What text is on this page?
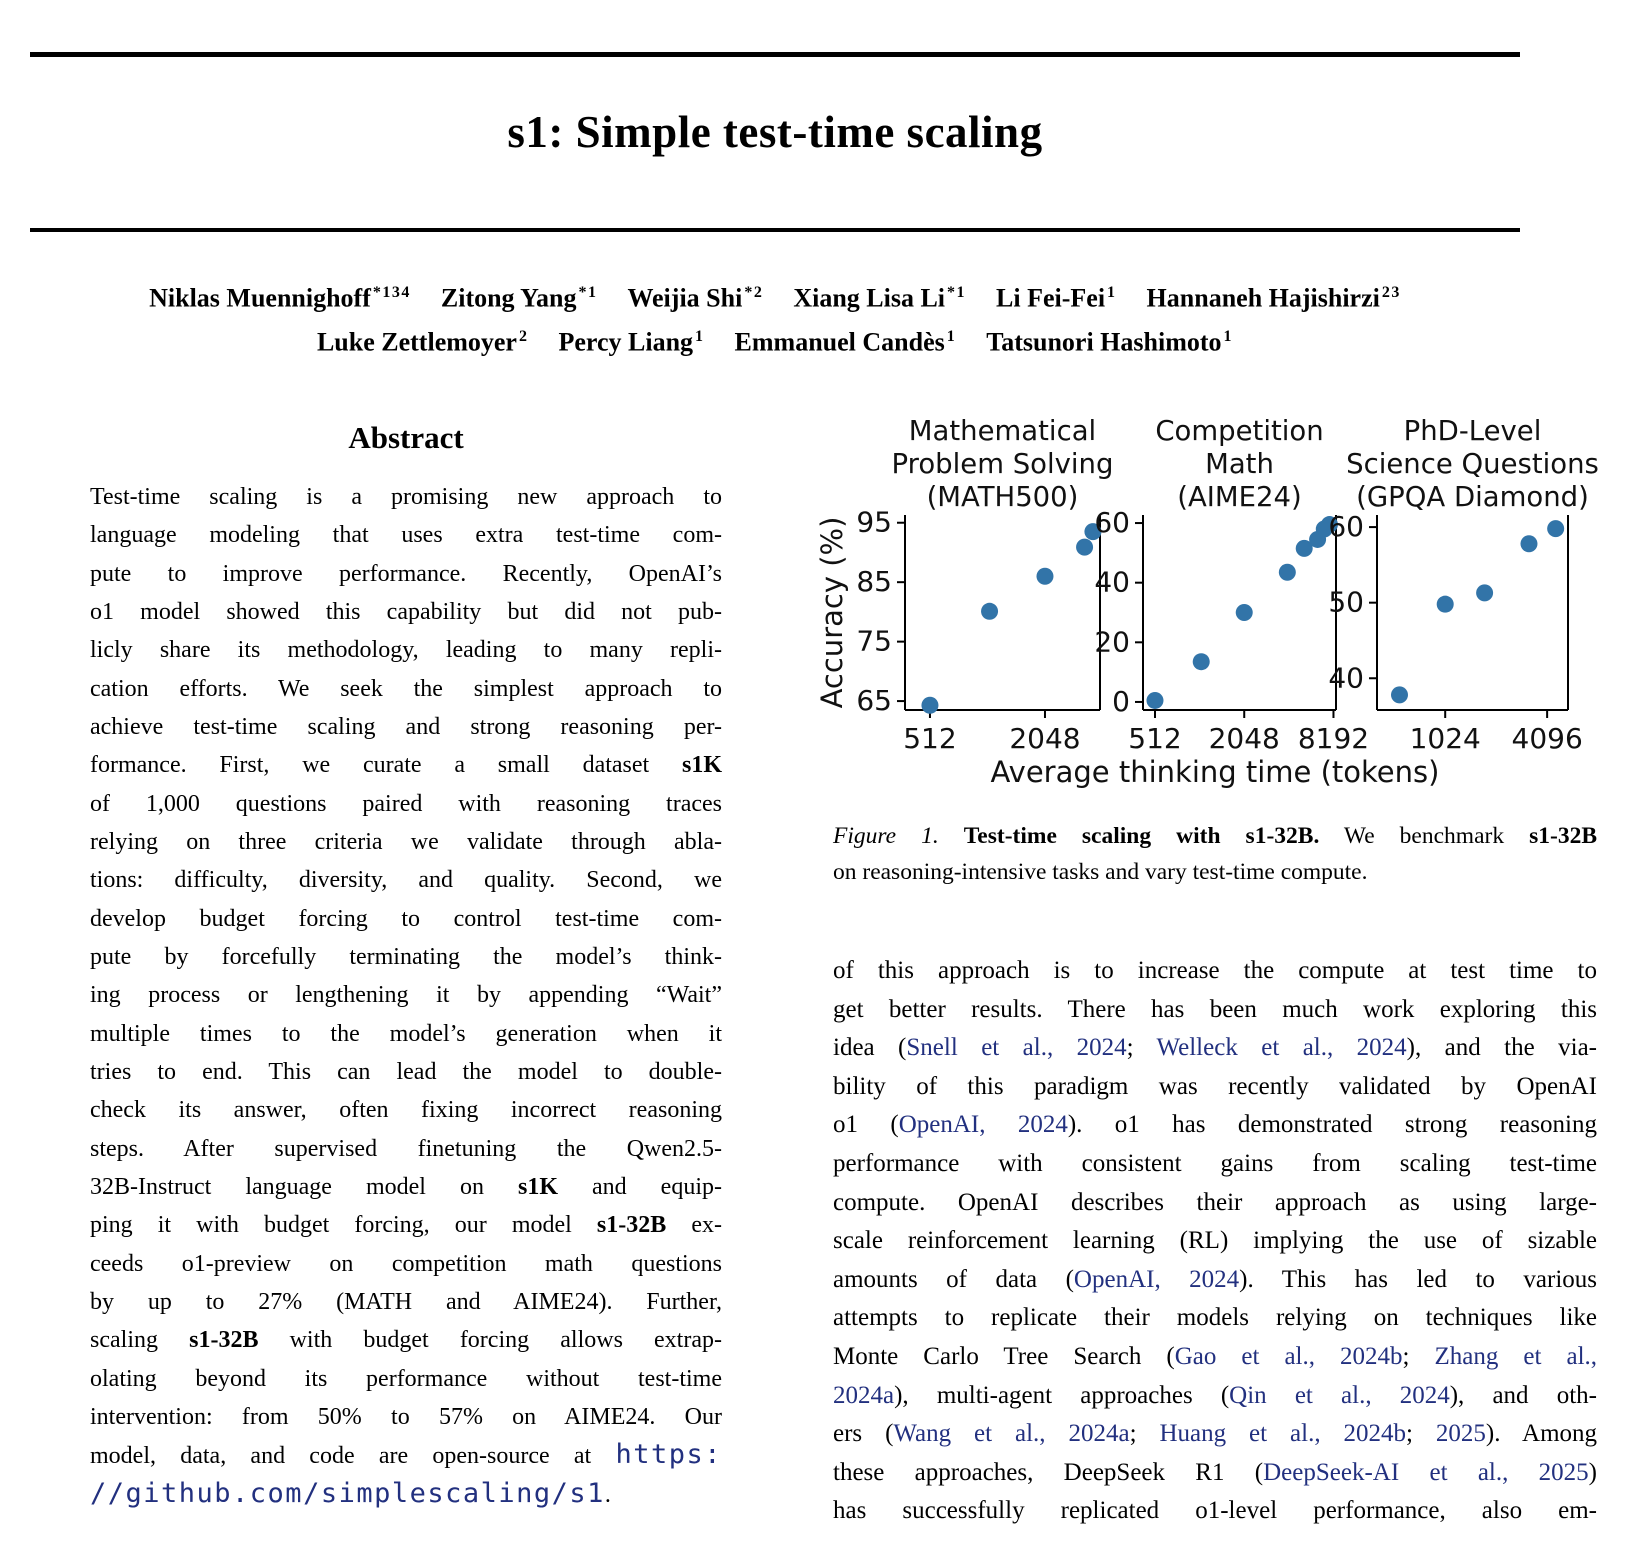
s1: Simple test-time scaling
Niklas Muennighoff $^{*134}$ Zitong Yang $^{*1}$ Weijia Shi $^{*2}$ Xiang Lisa Li $^{*1}$ Li Fei-Fei $^1$ Hannaneh Hajishirzi $^{23}$
Luke Zettlemoyer $^2$ Percy Liang $^1$ Emmanuel Candès $^1$ Tatsunori Hashimoto $^1$
Abstract
Test-time scaling is a promising new approach to
language modeling that uses extra test-time com-
pute to improve performance. Recently, OpenAI’s
o1 model showed this capability but did not pub-
licly share its methodology, leading to many repli-
cation efforts. We seek the simplest approach to
achieve test-time scaling and strong reasoning per-
formance. First, we curate a small dataset s1K
of 1,000 questions paired with reasoning traces
relying on three criteria we validate through abla-
tions: difficulty, diversity, and quality. Second, we
develop budget forcing to control test-time com-
pute by forcefully terminating the model’s think-
ing process or lengthening it by appending “Wait”
multiple times to the model’s generation when it
tries to end. This can lead the model to double-
check its answer, often fixing incorrect reasoning
steps. After supervised finetuning the Qwen2.5-
32B-Instruct language model on s1K and equip-
ping it with budget forcing, our model s1-32B ex-
ceeds o1-preview on competition math questions
by up to 27% (MATH and AIME24). Further,
scaling s1-32B with budget forcing allows extrap-
olating beyond its performance without test-time
intervention: from 50% to 57% on AIME24. Our
model, data, and code are open-source at https:
//github.com/simplescaling/s1.
Mathematical
Problem Solving
(MATH500)
65
75
85
95
512 2048
Competition
Math
(AIME24)
0
20
40
60
512 2048 8192
PhD-Level
Science Questions
(GPQA Diamond)
40
50
60
1024 4096
Accuracy (%)
Average thinking time (tokens)
Figure 1. Test-time scaling with s1-32B. We benchmark s1-32B
on reasoning-intensive tasks and vary test-time compute.
of this approach is to increase the compute at test time to
get better results. There has been much work exploring this
idea (Snell et al., 2024; Welleck et al., 2024), and the via-
bility of this paradigm was recently validated by OpenAI
o1 (OpenAI, 2024). o1 has demonstrated strong reasoning
performance with consistent gains from scaling test-time
compute. OpenAI describes their approach as using large-
scale reinforcement learning (RL) implying the use of sizable
amounts of data (OpenAI, 2024). This has led to various
attempts to replicate their models relying on techniques like
Monte Carlo Tree Search (Gao et al., 2024b; Zhang et al.,
2024a), multi-agent approaches (Qin et al., 2024), and oth-
ers (Wang et al., 2024a; Huang et al., 2024b; 2025). Among
these approaches, DeepSeek R1 (DeepSeek-AI et al., 2025)
has successfully replicated o1-level performance, also em-
